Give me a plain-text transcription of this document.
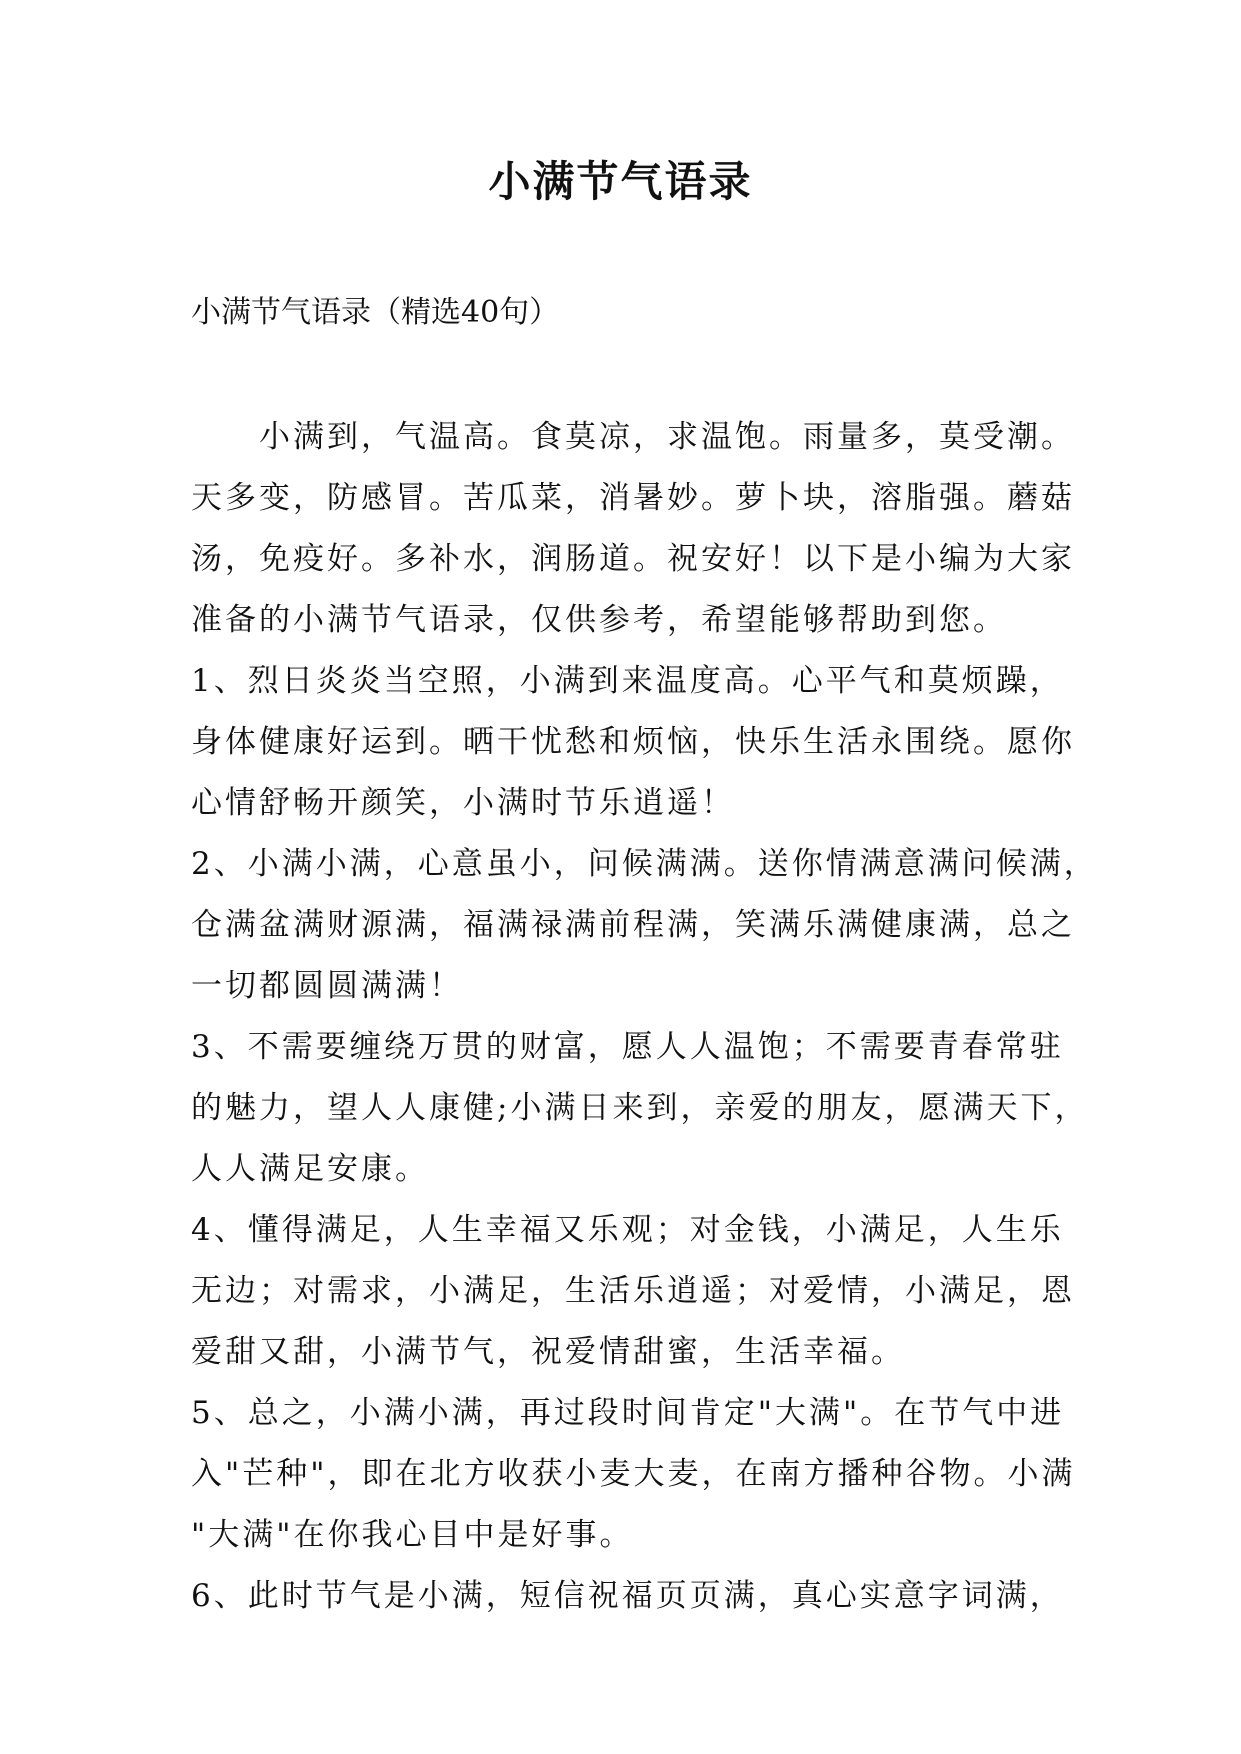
小满节气语录
小满节气语录（精选40句）
　　小满到，气温高。食莫凉，求温饱。雨量多，莫受潮。
天多变，防感冒。苦瓜菜，消暑妙。萝卜块，溶脂强。蘑菇
汤，免疫好。多补水，润肠道。祝安好！以下是小编为大家
准备的小满节气语录，仅供参考，希望能够帮助到您。
1、烈日炎炎当空照，小满到来温度高。心平气和莫烦躁，
身体健康好运到。晒干忧愁和烦恼，快乐生活永围绕。愿你
心情舒畅开颜笑，小满时节乐逍遥！
2、小满小满，心意虽小，问候满满。送你情满意满问候满，
仓满盆满财源满，福满禄满前程满，笑满乐满健康满，总之
一切都圆圆满满！
3、不需要缠绕万贯的财富，愿人人温饱；不需要青春常驻
的魅力，望人人康健;小满日来到，亲爱的朋友，愿满天下，
人人满足安康。
4、懂得满足，人生幸福又乐观；对金钱，小满足，人生乐
无边；对需求，小满足，生活乐逍遥；对爱情，小满足，恩
爱甜又甜，小满节气，祝爱情甜蜜，生活幸福。
5、总之，小满小满，再过段时间肯定"大满"。在节气中进
入"芒种"，即在北方收获小麦大麦，在南方播种谷物。小满
"大满"在你我心目中是好事。
6、此时节气是小满，短信祝福页页满，真心实意字词满，
